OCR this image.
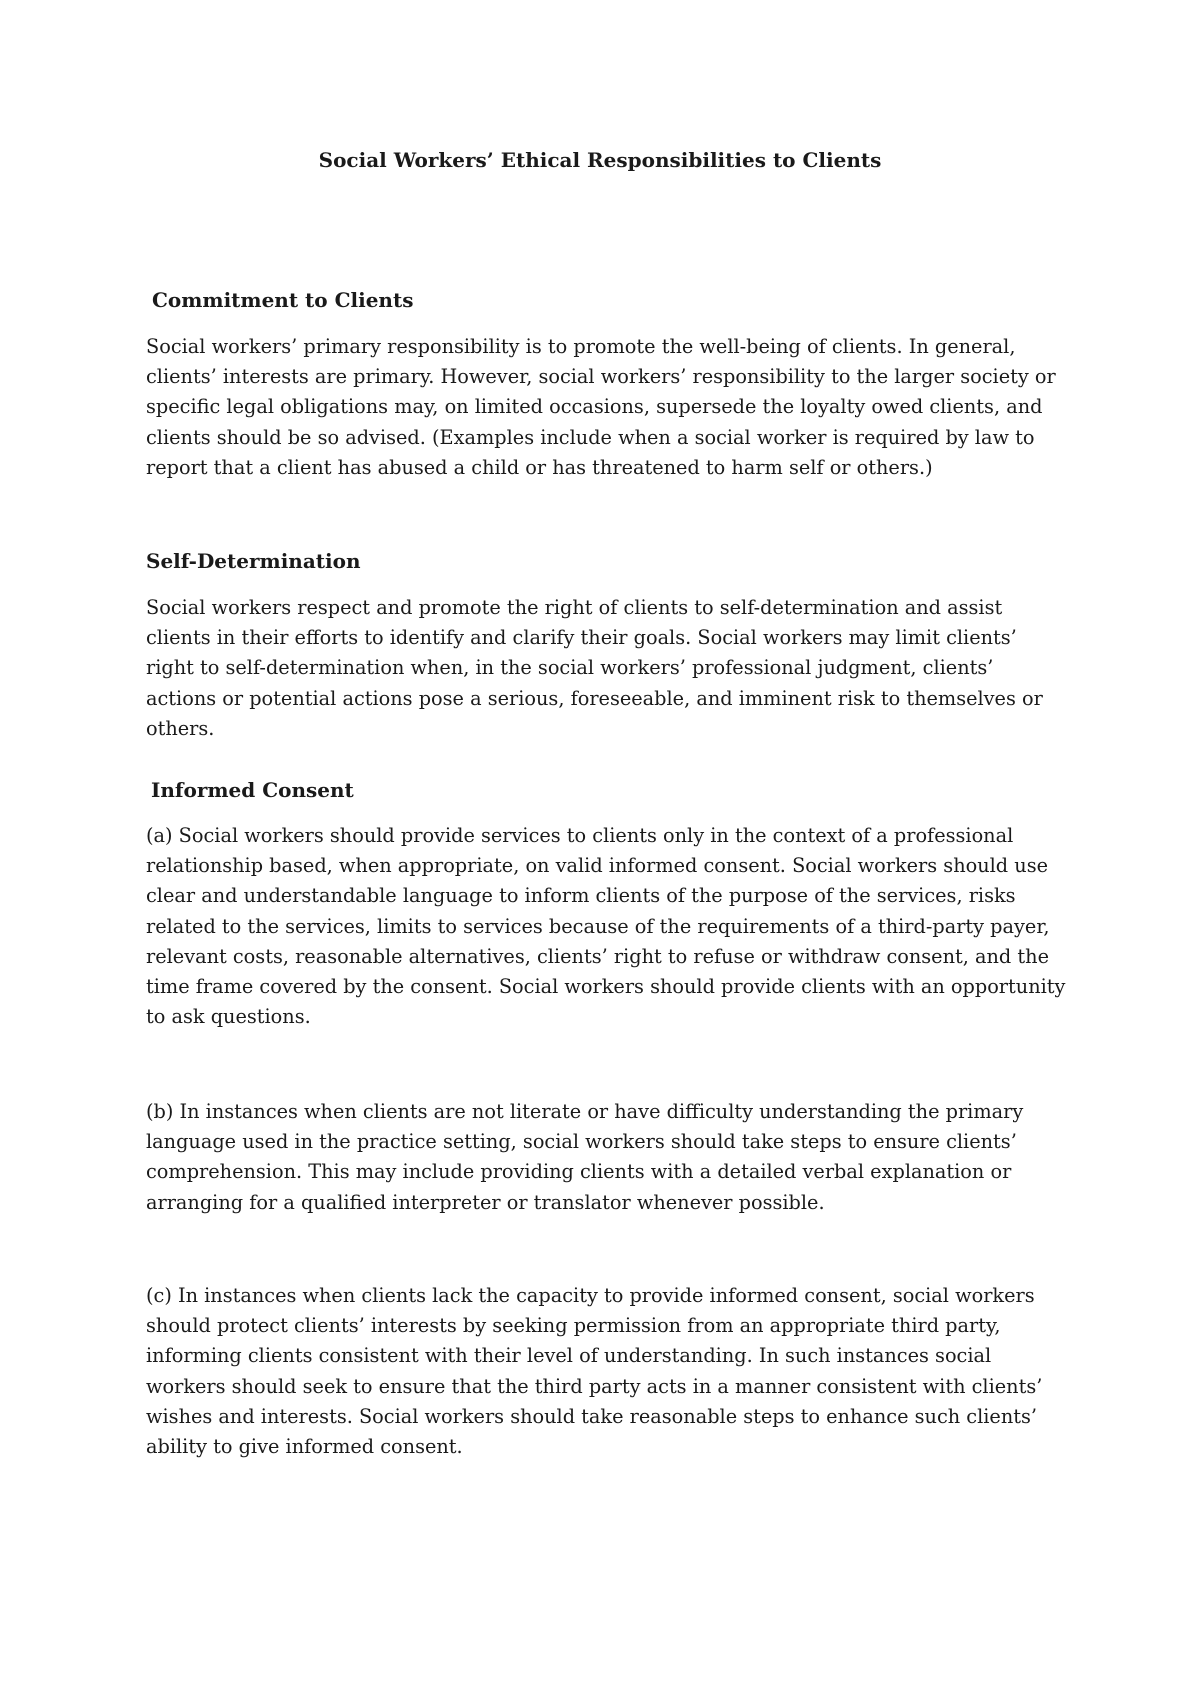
Social Workers’ Ethical Responsibilities to Clients
Commitment to Clients

Social workers’ primary responsibility is to promote the well-being of clients. In general, clients’ interests are primary. However, social workers’ responsibility to the larger society or specific legal obligations may, on limited occasions, supersede the loyalty owed clients, and clients should be so advised. (Examples include when a social worker is required by law to report that a client has abused a child or has threatened to harm self or others.)

Self-Determination

Social workers respect and promote the right of clients to self-determination and assist clients in their efforts to identify and clarify their goals. Social workers may limit clients’ right to self-determination when, in the social workers’ professional judgment, clients’ actions or potential actions pose a serious, foreseeable, and imminent risk to themselves or others.

Informed Consent

(a) Social workers should provide services to clients only in the context of a professional relationship based, when appropriate, on valid informed consent. Social workers should use clear and understandable language to inform clients of the purpose of the services, risks related to the services, limits to services because of the requirements of a third-party payer, relevant costs, reasonable alternatives, clients’ right to refuse or withdraw consent, and the time frame covered by the consent. Social workers should provide clients with an opportunity to ask questions.

(b) In instances when clients are not literate or have difficulty understanding the primary language used in the practice setting, social workers should take steps to ensure clients’ comprehension. This may include providing clients with a detailed verbal explanation or arranging for a qualified interpreter or translator whenever possible.

(c) In instances when clients lack the capacity to provide informed consent, social workers should protect clients’ interests by seeking permission from an appropriate third party, informing clients consistent with their level of understanding. In such instances social workers should seek to ensure that the third party acts in a manner consistent with clients’ wishes and interests. Social workers should take reasonable steps to enhance such clients’ ability to give informed consent.
